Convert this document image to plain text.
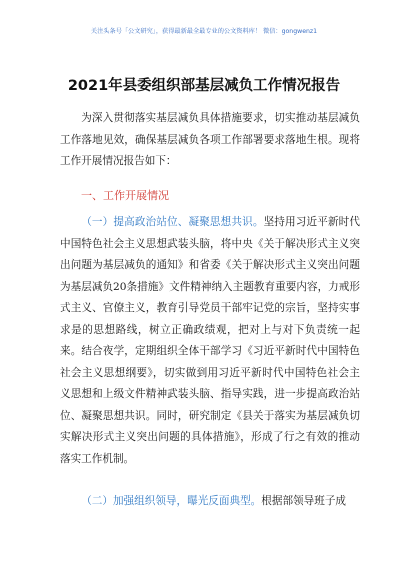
关注头条号「公文研究」，获得最新最全最专业的公文资料库！ 微信：gongwenz1
2021年县委组织部基层减负工作情况报告
为深入贯彻落实基层减负具体措施要求，切实推动基层减负工作落地见效，确保基层减负各项工作部署要求落地生根。现将工作开展情况报告如下：
一、工作开展情况
（一）提高政治站位、凝聚思想共识。坚持用习近平新时代中国特色社会主义思想武装头脑，将中央《关于解决形式主义突出问题为基层减负的通知》和省委《关于解决形式主义突出问题为基层减负20条措施》文件精神纳入主题教育重要内容，力戒形式主义、官僚主义，教育引导党员干部牢记党的宗旨，坚持实事求是的思想路线，树立正确政绩观，把对上与对下负责统一起来。结合夜学，定期组织全体干部学习《习近平新时代中国特色社会主义思想纲要》，切实做到用习近平新时代中国特色社会主义思想和上级文件精神武装头脑、指导实践，进一步提高政治站位、凝聚思想共识。同时，研究制定《县关于落实为基层减负切实解决形式主义突出问题的具体措施》，形成了行之有效的推动落实工作机制。
（二）加强组织领导，曝光反面典型。根据部领导班子成
